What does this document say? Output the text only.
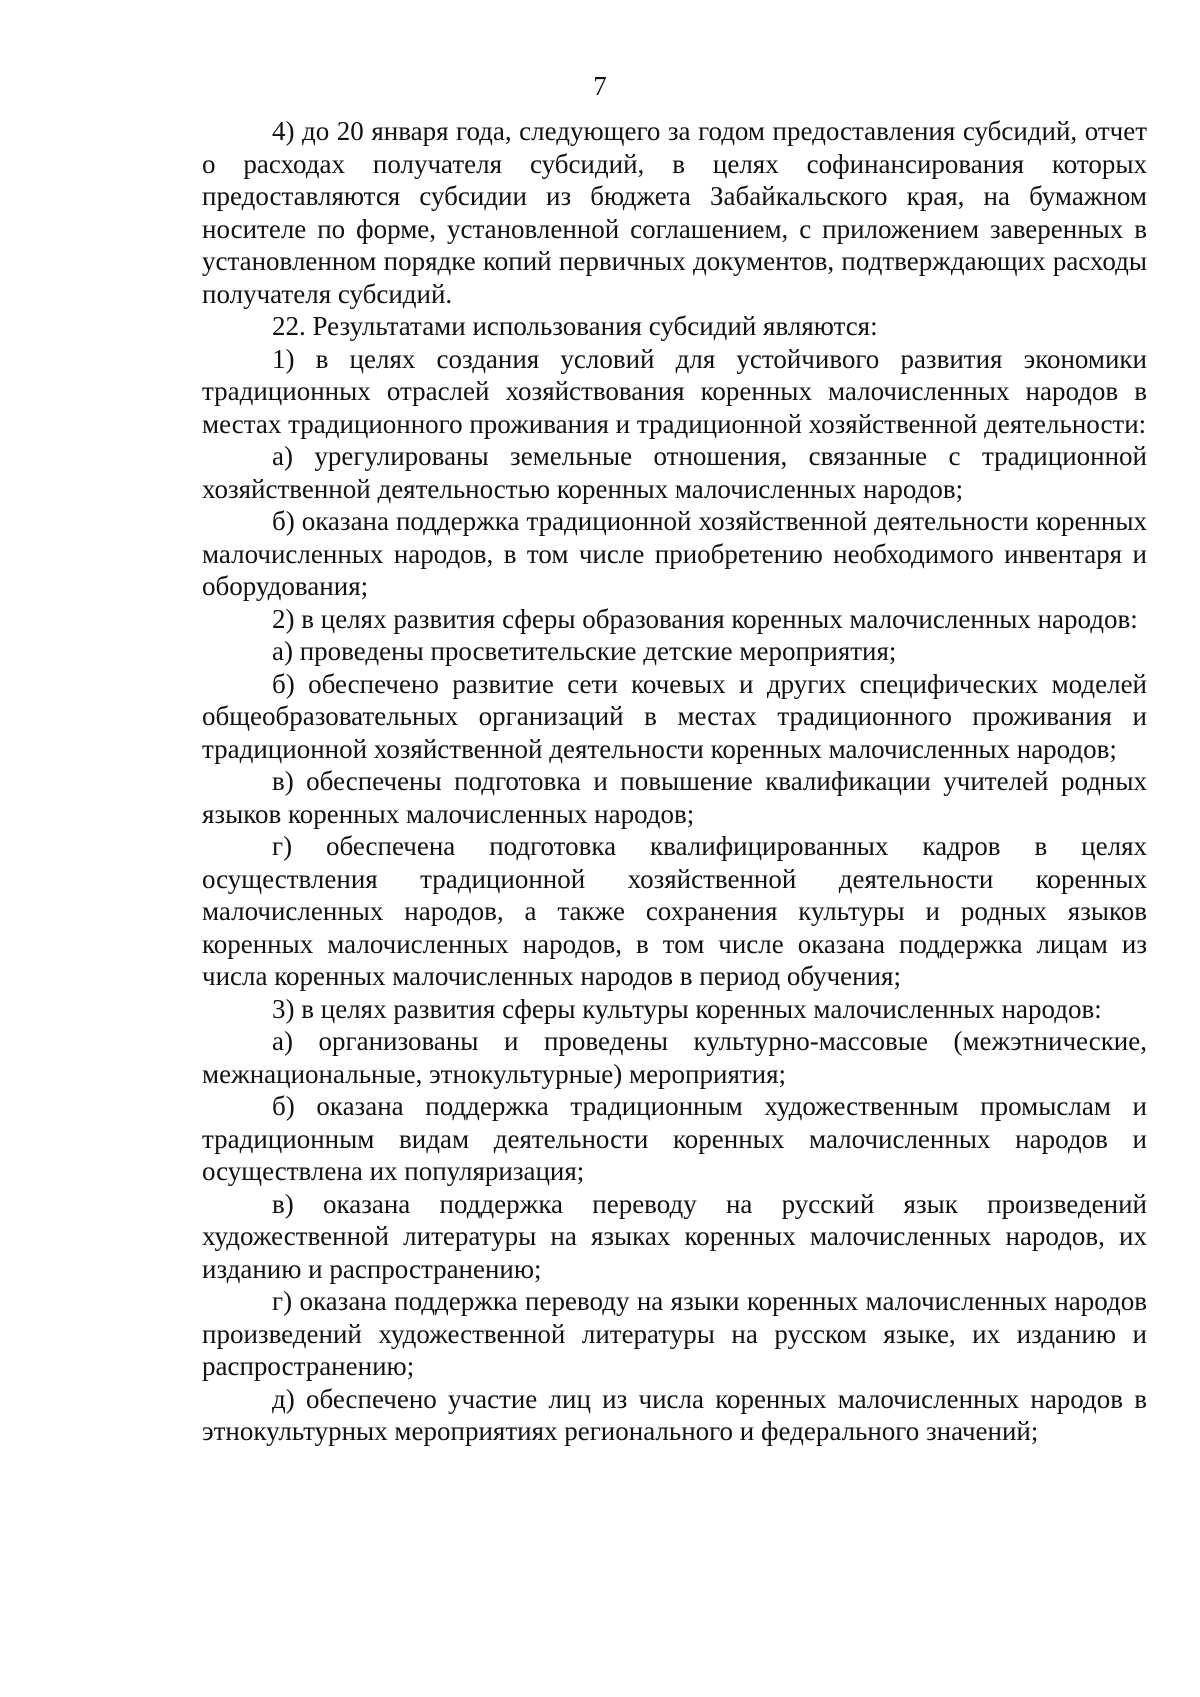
7

4) до 20 января года, следующего за годом предоставления субсидий, отчет о расходах получателя субсидий, в целях софинансирования которых предоставляются субсидии из бюджета Забайкальского края, на бумажном носителе по форме, установленной соглашением, с приложением заверенных в установленном порядке копий первичных документов, подтверждающих расходы получателя субсидий.

22. Результатами использования субсидий являются:

1) в целях создания условий для устойчивого развития экономики традиционных отраслей хозяйствования коренных малочисленных народов в местах традиционного проживания и традиционной хозяйственной деятельности:

а) урегулированы земельные отношения, связанные с традиционной хозяйственной деятельностью коренных малочисленных народов;

б) оказана поддержка традиционной хозяйственной деятельности коренных малочисленных народов, в том числе приобретению необходимого инвентаря и оборудования;

2) в целях развития сферы образования коренных малочисленных народов:

а) проведены просветительские детские мероприятия;

б) обеспечено развитие сети кочевых и других специфических моделей общеобразовательных организаций в местах традиционного проживания и традиционной хозяйственной деятельности коренных малочисленных народов;

в) обеспечены подготовка и повышение квалификации учителей родных языков коренных малочисленных народов;

г) обеспечена подготовка квалифицированных кадров в целях осуществления традиционной хозяйственной деятельности коренных малочисленных народов, а также сохранения культуры и родных языков коренных малочисленных народов, в том числе оказана поддержка лицам из числа коренных малочисленных народов в период обучения;

3) в целях развития сферы культуры коренных малочисленных народов:

а) организованы и проведены культурно-массовые (межэтнические, межнациональные, этнокультурные) мероприятия;

б) оказана поддержка традиционным художественным промыслам и традиционным видам деятельности коренных малочисленных народов и осуществлена их популяризация;

в) оказана поддержка переводу на русский язык произведений художественной литературы на языках коренных малочисленных народов, их изданию и распространению;

г) оказана поддержка переводу на языки коренных малочисленных народов произведений художественной литературы на русском языке, их изданию и распространению;

д) обеспечено участие лиц из числа коренных малочисленных народов в этнокультурных мероприятиях регионального и федерального значений;
